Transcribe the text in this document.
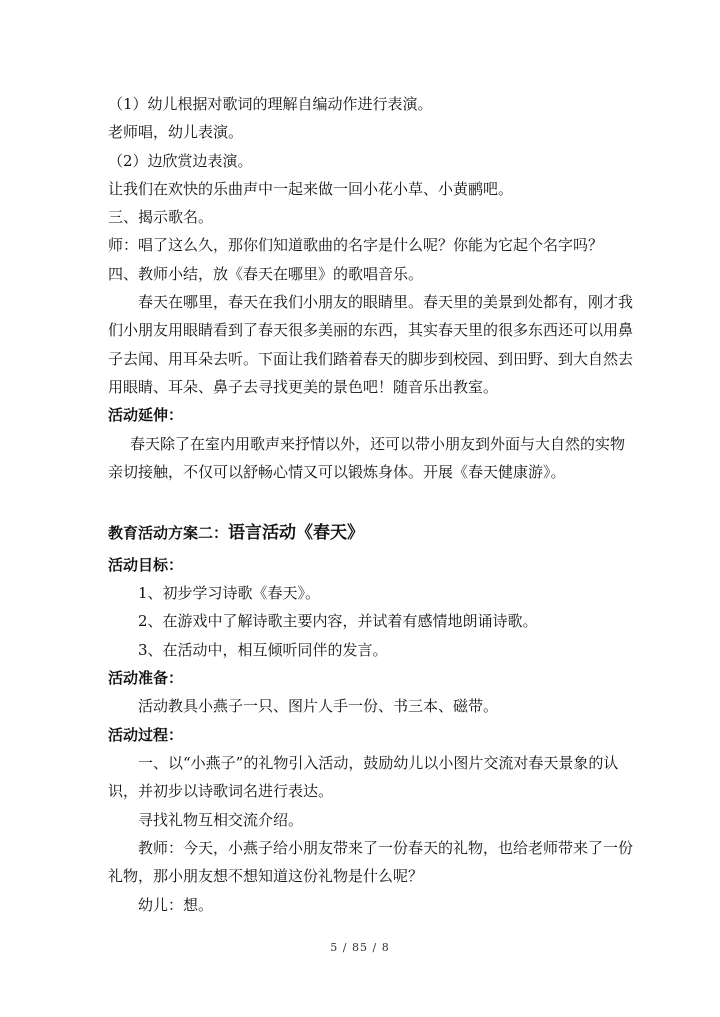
（1）幼儿根据对歌词的理解自编动作进行表演。
老师唱，幼儿表演。
（2）边欣赏边表演。
让我们在欢快的乐曲声中一起来做一回小花小草、小黄鹂吧。
三、揭示歌名。
师：唱了这么久，那你们知道歌曲的名字是什么呢？你能为它起个名字吗？
四、教师小结，放《春天在哪里》的歌唱音乐。
春天在哪里，春天在我们小朋友的眼睛里。春天里的美景到处都有，刚才我
们小朋友用眼睛看到了春天很多美丽的东西，其实春天里的很多东西还可以用鼻
子去闻、用耳朵去听。下面让我们踏着春天的脚步到校园、到田野、到大自然去
用眼睛、耳朵、鼻子去寻找更美的景色吧！随音乐出教室。
活动延伸：
春天除了在室内用歌声来抒情以外，还可以带小朋友到外面与大自然的实物
亲切接触，不仅可以舒畅心情又可以锻炼身体。开展《春天健康游》。
教育活动方案二：语言活动《春天》
活动目标：
1、初步学习诗歌《春天》。
2、在游戏中了解诗歌主要内容，并试着有感情地朗诵诗歌。
3、在活动中，相互倾听同伴的发言。
活动准备：
活动教具小燕子一只、图片人手一份、书三本、磁带。
活动过程：
一、以“小燕子”的礼物引入活动，鼓励幼儿以小图片交流对春天景象的认
识，并初步以诗歌词名进行表达。
寻找礼物互相交流介绍。
教师：今天，小燕子给小朋友带来了一份春天的礼物，也给老师带来了一份
礼物，那小朋友想不想知道这份礼物是什么呢？
幼儿：想。
5 / 85 / 8
